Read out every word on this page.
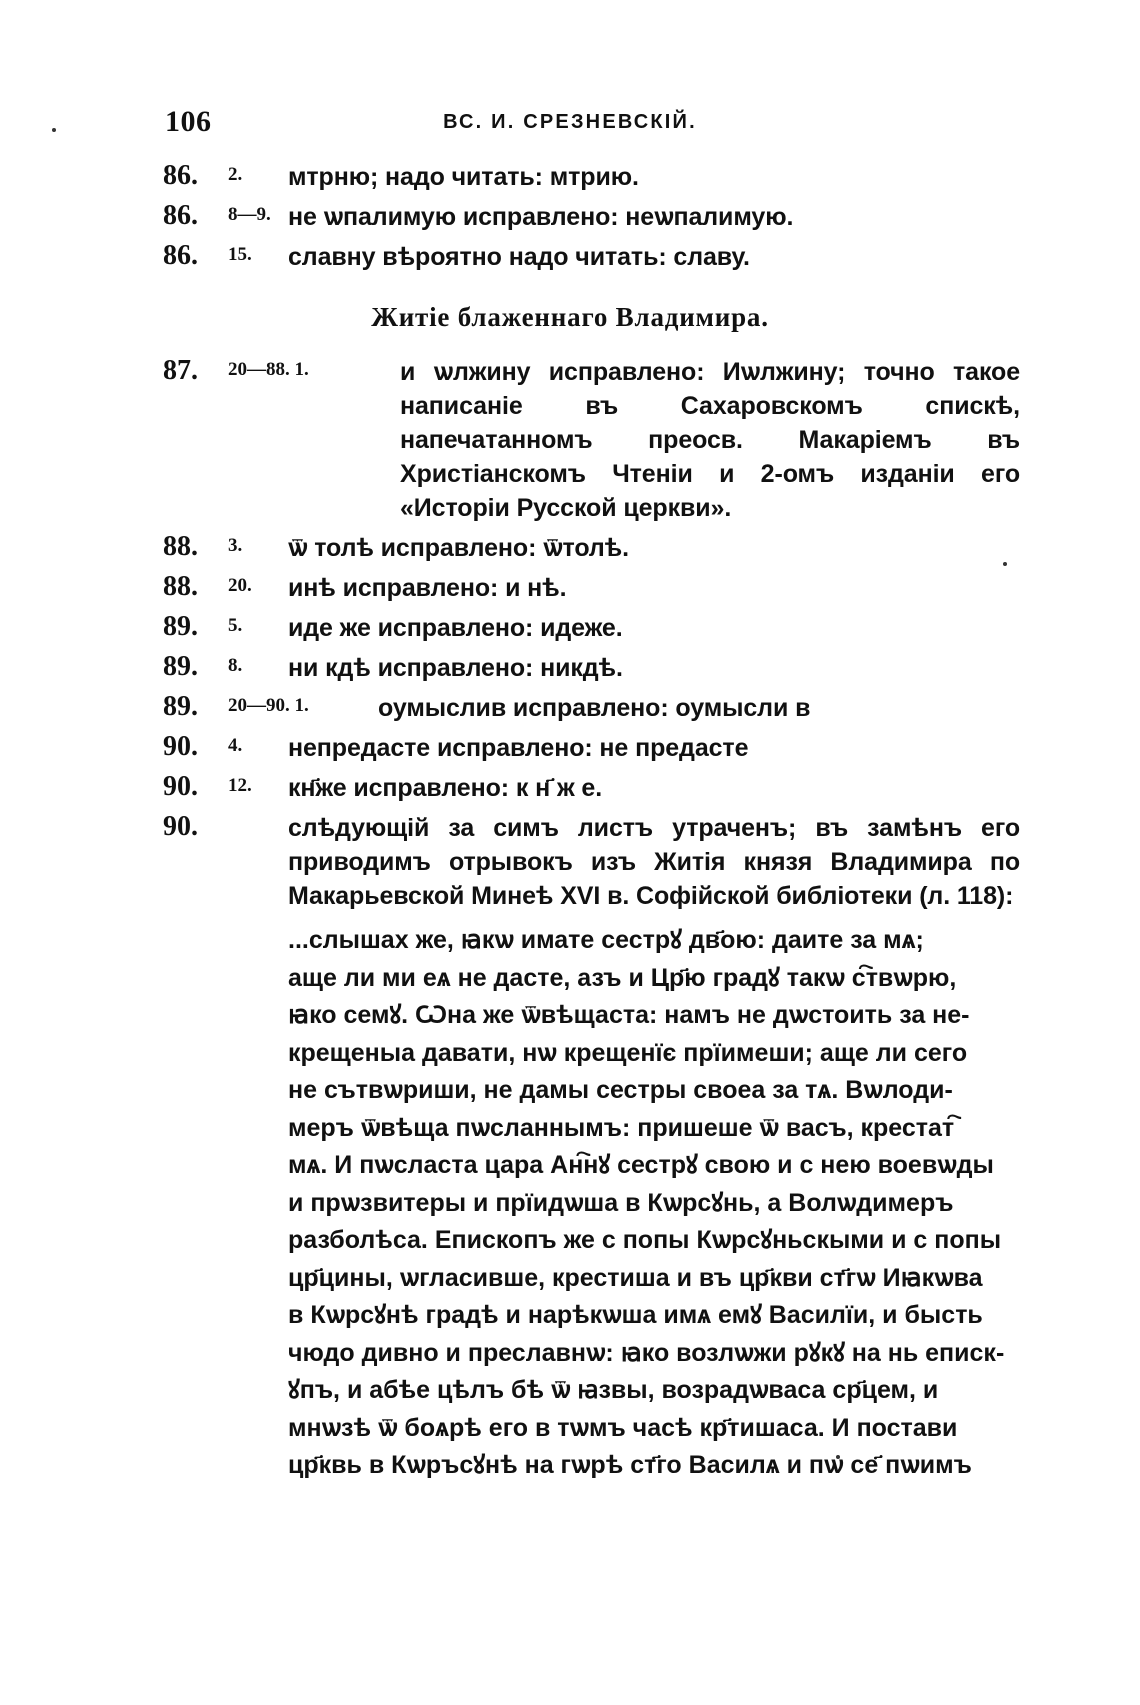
106	ВС. И. СРЕЗНЕВСКIЙ.
86.	2. мтрню; надо читать: мтрию.
86.	8—9. не ѡпалимую исправлено: неѡпалимую.
86.	15. славну вѣроятно надо читать: славу.
Житiе блаженнаго Владимира.
87.	20—88. 1.	и ѡлжину исправлено: Иѡлжину; точно такое написанiе въ Сахаровскомъ спискѣ, напечатанномъ преосв. Макарiемъ въ Христiанскомъ Чтенiи и 2-омъ изданiи его «Исторiи Русской церкви».
88.	3. ѿ толѣ исправлено: ѿтолѣ.
88.	20. инѣ исправлено: и нѣ.
89.	5. иде же исправлено: идеже.
89.	8. ни кдѣ исправлено: никдѣ.
89.	20—90. 1.	оумыслив исправлено: оумысли в
90.	4. непредасте исправлено: не предасте
90.	12. кн҃же исправлено: к н҃ ж е.
90.	слѣдующiй за симъ листъ утраченъ; въ замѣнъ его приводимъ отрывокъ изъ Житiя князя Владимира по Макарьевской Минеѣ XVI в. Софiйской библiотеки (л. 118):

...слышах же, ꙗкѡ имате сестрꙋ дв҃ою: даите за мѧ;

аще ли ми еѧ не дасте, азъ и Цр҃ю градꙋ такѡ с҇твѡрю,

ꙗко семꙋ. Ѡна же ѿвѣщаста: намъ не дѡстоить за не-

крещеныа давати, нѡ крещенїє прїимеши; аще ли сего

не сътвѡриши, не дамы сестры своеа за тѧ. Вѡлоди-

меръ ѿвѣща пѡсланнымъ: пришеше ѿ васъ, крестат҇

мѧ. И пѡсласта цара Ан҇нꙋ сестрꙋ свою и с нею воевѡды

и прѡзвитеры и прїидѡша в Кѡрсꙋнь, а Волѡдимеръ

разболѣса. Епископъ же с попы Кѡрсꙋньскыми и с попы

цр҃цины, ѡгласивше, крестиша и въ цр҃кви ст҃гѡ Иꙗкѡва

в Кѡрсꙋнѣ градѣ и нарѣкѡша имѧ емꙋ Василїи, и бысть

чюдо дивно и преславнѡ: ꙗко возлѡжи рꙋкꙋ на нь еписк-

ꙋпъ, и абѣе цѣлъ бѣ ѿ ꙗзвы, возрадѡваса ср҃цем, и

мнѡзѣ ѿ боѧрѣ его в тѡмъ часѣ кр҃тишаса. И постави

цр҃квь в Кѡръсꙋнѣ на гѡрѣ ст҃го Василѧ и пѡ се҃ пѡимъ
